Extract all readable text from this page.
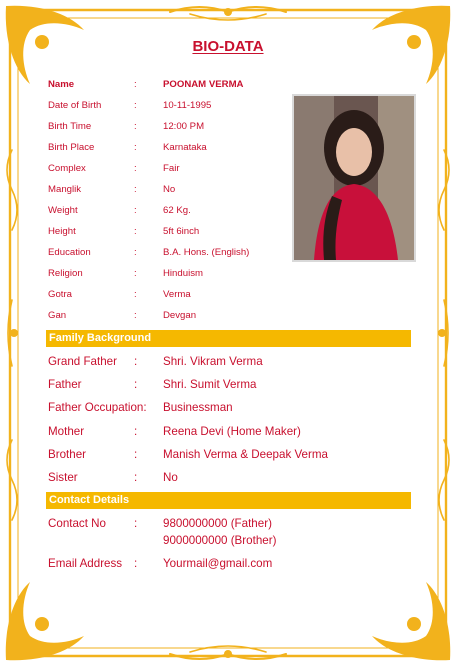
BIO-DATA
Name	:	POONAM VERMA
Date of Birth	:	10-11-1995
Birth Time	:	12:00 PM
Birth Place	:	Karnataka
Complex	:	Fair
Manglik	:	No
Weight	:	62 Kg.
Height	:	5ft 6inch
Education	:	B.A. Hons. (English)
Religion	:	Hinduism
Gotra	:	Verma
Gan	:	Devgan
Family Background
Grand Father : Shri. Vikram Verma
Father	: Shri. Sumit Verma
Father Occupation: Businessman
Mother	: Reena Devi (Home Maker)
Brother	: Manish Verma & Deepak Verma
Sister	: No
Contact Details
Contact No : 9800000000 (Father)
9000000000 (Brother)
Email Address : Yourmail@gmail.com
